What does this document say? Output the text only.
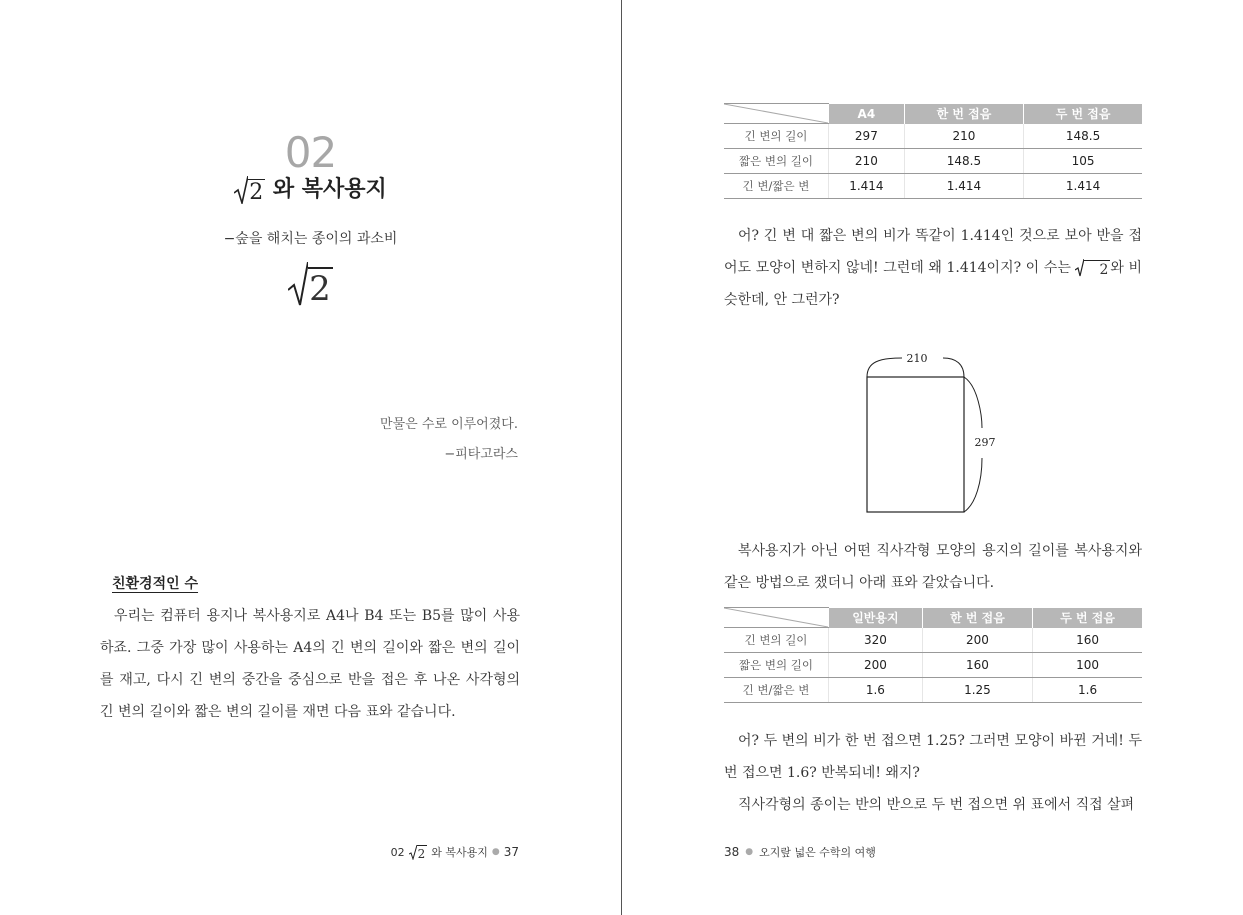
02
2 와 복사용지
−숲을 해치는 종이의 과소비
2
만물은 수로 이루어졌다.
−피타고라스
친환경적인 수
우리는 컴퓨터 용지나 복사용지로 A4나 B4 또는 B5를 많이 사용하죠. 그중 가장 많이 사용하는 A4의 긴 변의 길이와 짧은 변의 길이를 재고, 다시 긴 변의 중간을 중심으로 반을 접은 후 나온 사각형의 긴 변의 길이와 짧은 변의 길이를 재면 다음 표와 같습니다.
02 2 와 복사용지 ● 37
	A4	한 번 접음	두 번 접음
긴 변의 길이	297	210	148.5
짧은 변의 길이	210	148.5	105
긴 변/짧은 변	1.414	1.414	1.414

어? 긴 변 대 짧은 변의 비가 똑같이 1.414인 것으로 보아 반을 접어도 모양이 변하지 않네! 그런데 왜 1.414이지? 이 수는	2 와 비슷한데, 안 그런가?

210
297

복사용지가 아닌 어떤 직사각형 모양의 용지의 길이를 복사용지와 같은 방법으로 쟀더니 아래 표와 같았습니다.

	일반용지	한 번 접음	두 번 접음
긴 변의 길이	320	200	160
짧은 변의 길이	200	160	100
긴 변/짧은 변	1.6	1.25	1.6

어? 두 변의 비가 한 번 접으면 1.25? 그러면 모양이 바뀐 거네! 두 번 접으면 1.6? 반복되네! 왜지?

직사각형의 종이는 반의 반으로 두 번 접으면 위 표에서 직접 살펴

38 ● 오지랖 넓은 수학의 여행
